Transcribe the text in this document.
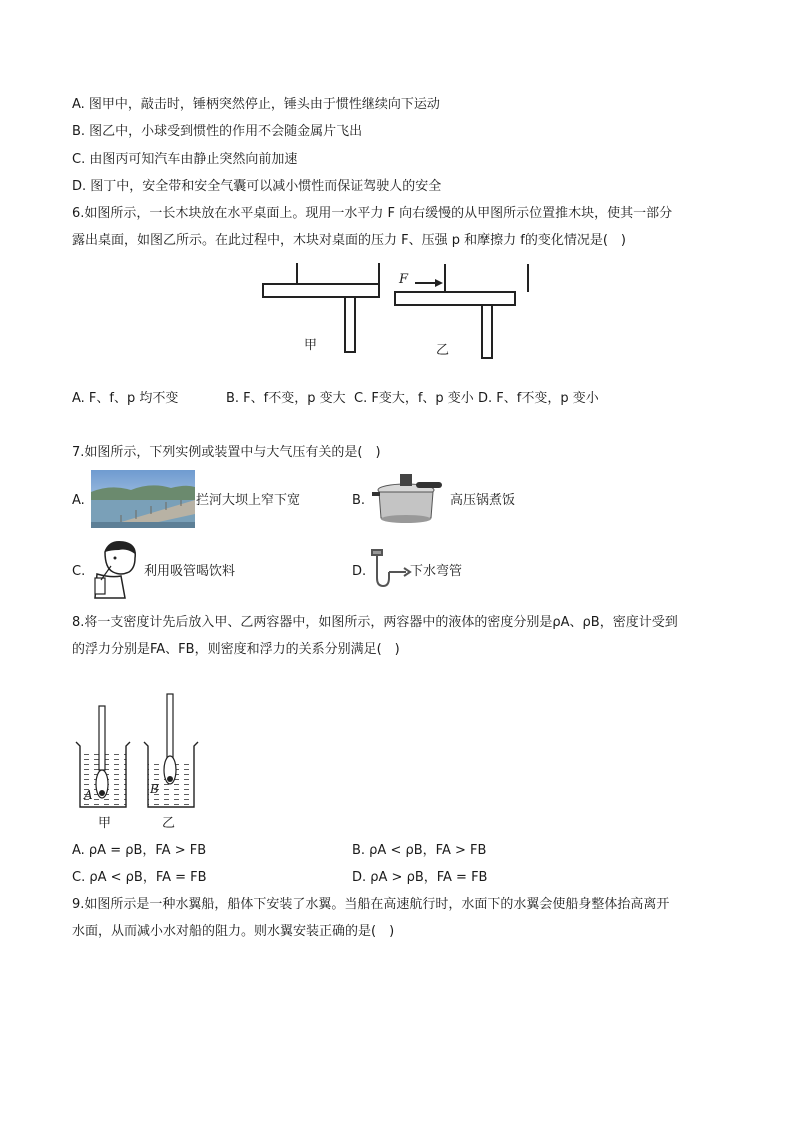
A. 图甲中，敲击时，锤柄突然停止，锤头由于惯性继续向下运动
B. 图乙中，小球受到惯性的作用不会随金属片飞出
C. 由图丙可知汽车由静止突然向前加速
D. 图丁中，安全带和安全气囊可以减小惯性而保证驾驶人的安全
6.如图所示，一长木块放在水平桌面上。现用一水平力 F 向右缓慢的从甲图所示位置推木块，使其一部分
露出桌面，如图乙所示。在此过程中，木块对桌面的压力 F、压强 p 和摩擦力 f的变化情况是(　)
F
甲	乙
A. F、f、p 均不变	B. F、f不变，p 变大 C. F变大，f、p 变小 D. F、f不变，p 变小
7.如图所示，下列实例或装置中与大气压有关的是(　)
A.	拦河大坝上窄下宽	B.	高压锅煮饭
C.	利用吸管喝饮料	D.	下水弯管
8.将一支密度计先后放入甲、乙两容器中，如图所示，两容器中的液体的密度分别是ρA、ρB，密度计受到
的浮力分别是FA、FB，则密度和浮力的关系分别满足(　)
A	B
甲	乙
A. ρA = ρB，FA > FB	B. ρA < ρB，FA > FB
C. ρA < ρB，FA = FB	D. ρA > ρB，FA = FB
9.如图所示是一种水翼船，船体下安装了水翼。当船在高速航行时，水面下的水翼会使船身整体抬高离开
水面，从而减小水对船的阻力。则水翼安装正确的是(　)
